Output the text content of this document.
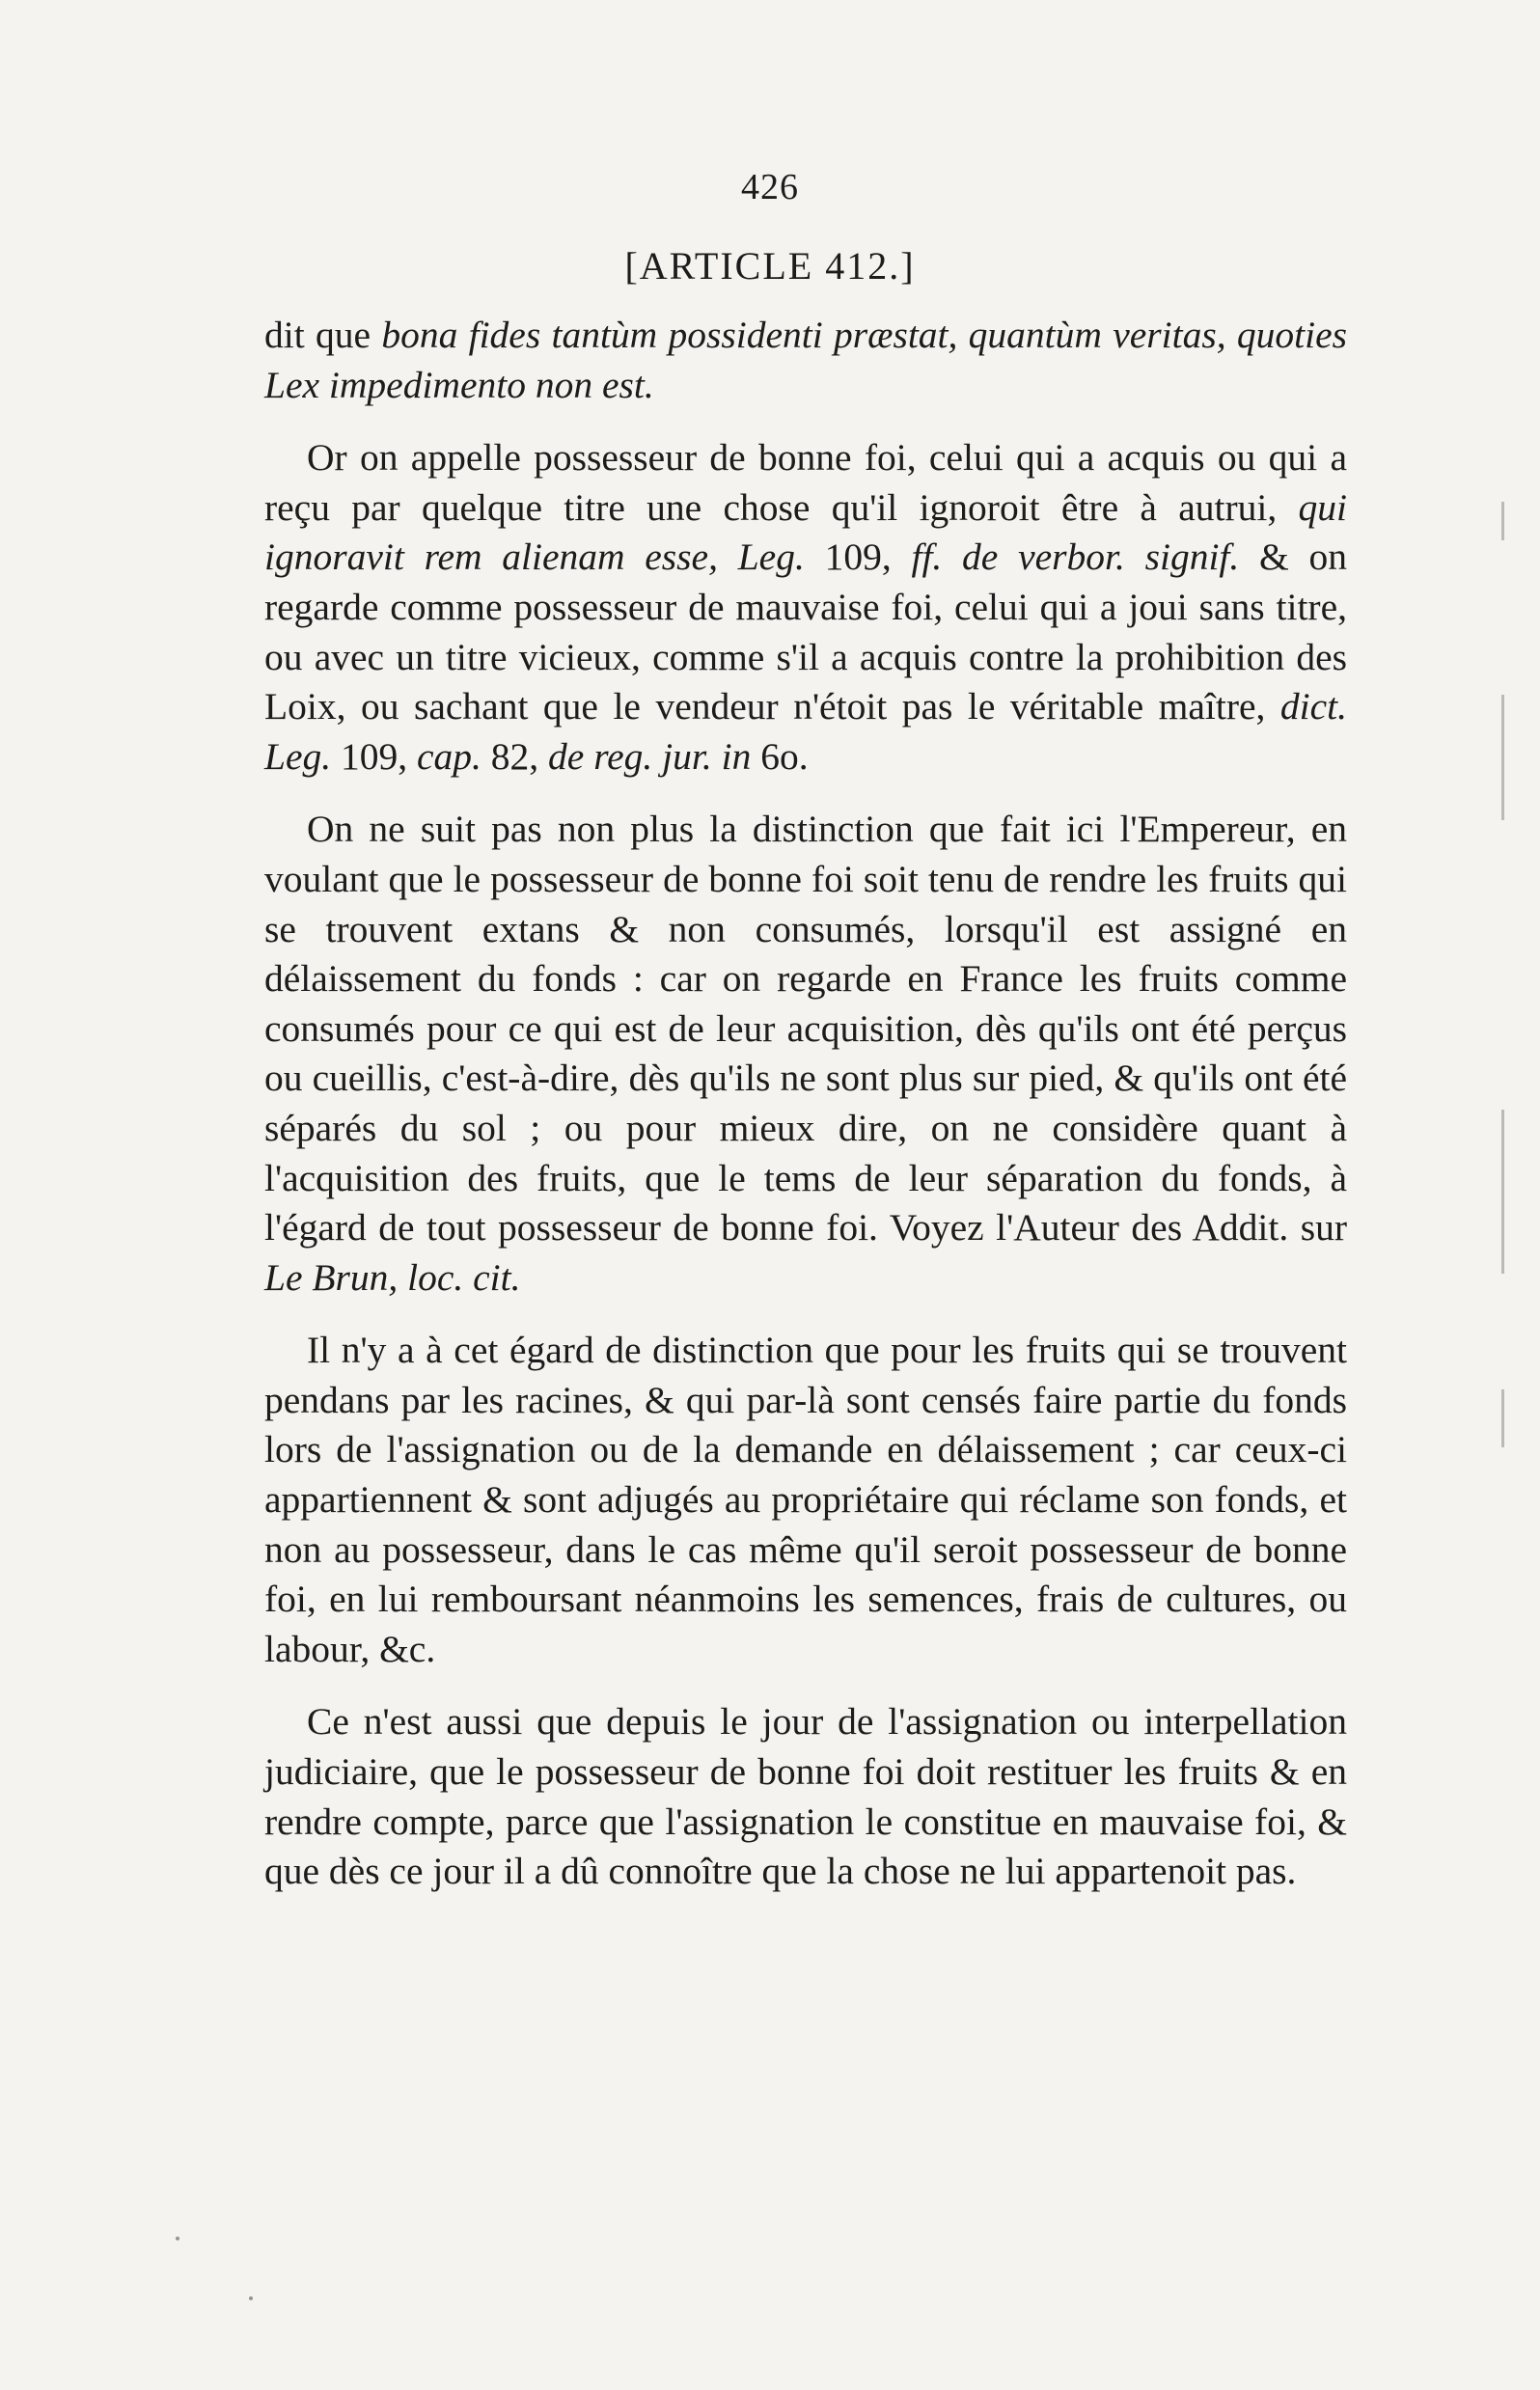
426
[ARTICLE 412.]

dit que bona fides tantùm possidenti præstat, quantùm veritas, quoties Lex impedimento non est.

Or on appelle possesseur de bonne foi, celui qui a acquis ou qui a reçu par quelque titre une chose qu'il ignoroit être à autrui, qui ignoravit rem alienam esse, Leg. 109, ff. de verbor. signif. & on regarde comme possesseur de mauvaise foi, celui qui a joui sans titre, ou avec un titre vicieux, comme s'il a acquis contre la prohibition des Loix, ou sachant que le vendeur n'étoit pas le véritable maître, dict. Leg. 109, cap. 82, de reg. jur. in 6o.

On ne suit pas non plus la distinction que fait ici l'Empereur, en voulant que le possesseur de bonne foi soit tenu de rendre les fruits qui se trouvent extans & non consumés, lorsqu'il est assigné en délaissement du fonds : car on regarde en France les fruits comme consumés pour ce qui est de leur acquisition, dès qu'ils ont été perçus ou cueillis, c'est-à-dire, dès qu'ils ne sont plus sur pied, & qu'ils ont été séparés du sol ; ou pour mieux dire, on ne considère quant à l'acquisition des fruits, que le tems de leur séparation du fonds, à l'égard de tout possesseur de bonne foi. Voyez l'Auteur des Addit. sur Le Brun, loc. cit.

Il n'y a à cet égard de distinction que pour les fruits qui se trouvent pendans par les racines, & qui par-là sont censés faire partie du fonds lors de l'assignation ou de la demande en délaissement ; car ceux-ci appartiennent & sont adjugés au propriétaire qui réclame son fonds, et non au possesseur, dans le cas même qu'il seroit possesseur de bonne foi, en lui remboursant néanmoins les semences, frais de cultures, ou labour, &c.

Ce n'est aussi que depuis le jour de l'assignation ou interpellation judiciaire, que le possesseur de bonne foi doit restituer les fruits & en rendre compte, parce que l'assignation le constitue en mauvaise foi, & que dès ce jour il a dû connoître que la chose ne lui appartenoit pas.
